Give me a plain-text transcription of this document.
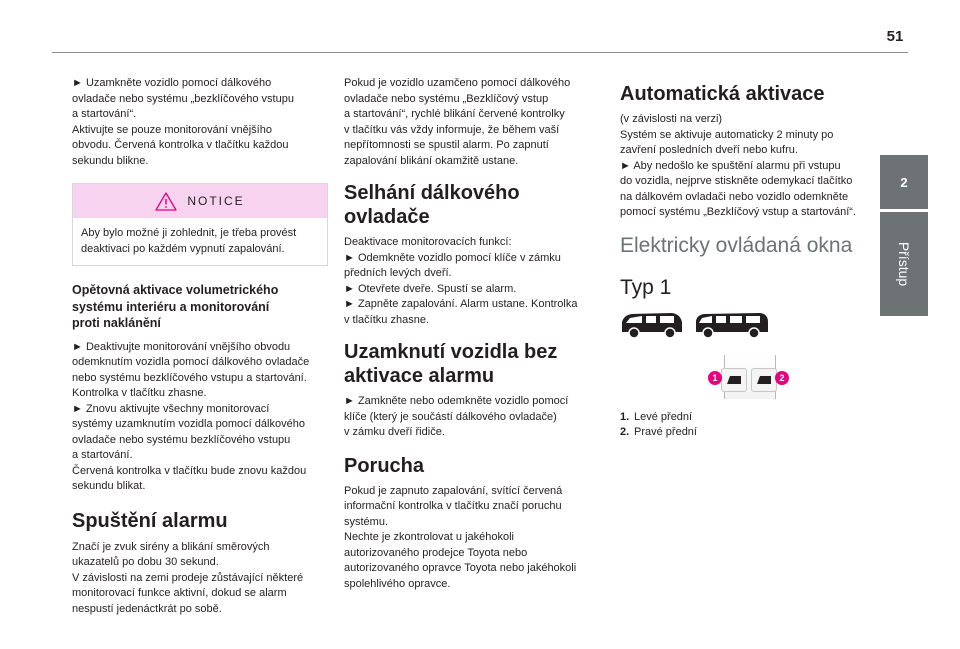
51
2
Přístup

► Uzamkněte vozidlo pomocí dálkového
ovladače nebo systému „bezklíčového vstupu
a startování“.
Aktivujte se pouze monitorování vnějšího
obvodu. Červená kontrolka v tlačítku každou
sekundu blikne.

NOTICE

Aby bylo možné ji zohlednit, je třeba provést
deaktivaci po každém vypnutí zapalování.

Opětovná aktivace volumetrického
systému interiéru a monitorování
proti naklánění

► Deaktivujte monitorování vnějšího obvodu
odemknutím vozidla pomocí dálkového ovladače
nebo systému bezklíčového vstupu a startování.
Kontrolka v tlačítku zhasne.
► Znovu aktivujte všechny monitorovací
systémy uzamknutím vozidla pomocí dálkového
ovladače nebo systému bezklíčového vstupu
a startování.
Červená kontrolka v tlačítku bude znovu každou
sekundu blikat.

Spuštění alarmu

Značí je zvuk sirény a blikání směrových
ukazatelů po dobu 30 sekund.
V závislosti na zemi prodeje zůstávající některé
monitorovací funkce aktivní, dokud se alarm
nespustí jedenáctkrát po sobě.

Pokud je vozidlo uzamčeno pomocí dálkového
ovladače nebo systému „Bezklíčový vstup
a startování“, rychlé blikání červené kontrolky
v tlačítku vás vždy informuje, že během vaší
nepřítomnosti se spustil alarm. Po zapnutí
zapalování blikání okamžitě ustane.

Selhání dálkového ovladače

Deaktivace monitorovacích funkcí:
► Odemkněte vozidlo pomocí klíče v zámku
předních levých dveří.
► Otevřete dveře. Spustí se alarm.
► Zapněte zapalování. Alarm ustane. Kontrolka
v tlačítku zhasne.

Uzamknutí vozidla bez
aktivace alarmu

► Zamkněte nebo odemkněte vozidlo pomocí
klíče (který je součástí dálkového ovladače)
v zámku dveří řidiče.

Porucha

Pokud je zapnuto zapalování, svítící červená
informační kontrolka v tlačítku značí poruchu
systému.
Nechte je zkontrolovat u jakéhokoli
autorizovaného prodejce Toyota nebo
autorizovaného opravce Toyota nebo jakéhokoli
spolehlivého opravce.

Automatická aktivace

(v závislosti na verzi)
Systém se aktivuje automaticky 2 minuty po
zavření posledních dveří nebo kufru.
► Aby nedošlo ke spuštění alarmu při vstupu
do vozidla, nejprve stiskněte odemykací tlačítko
na dálkovém ovladači nebo vozidlo odemkněte
pomocí systému „Bezklíčový vstup a startování“.

Elektricky ovládaná okna
Typ 1
1	2
1. Levé přední
2. Pravé přední
